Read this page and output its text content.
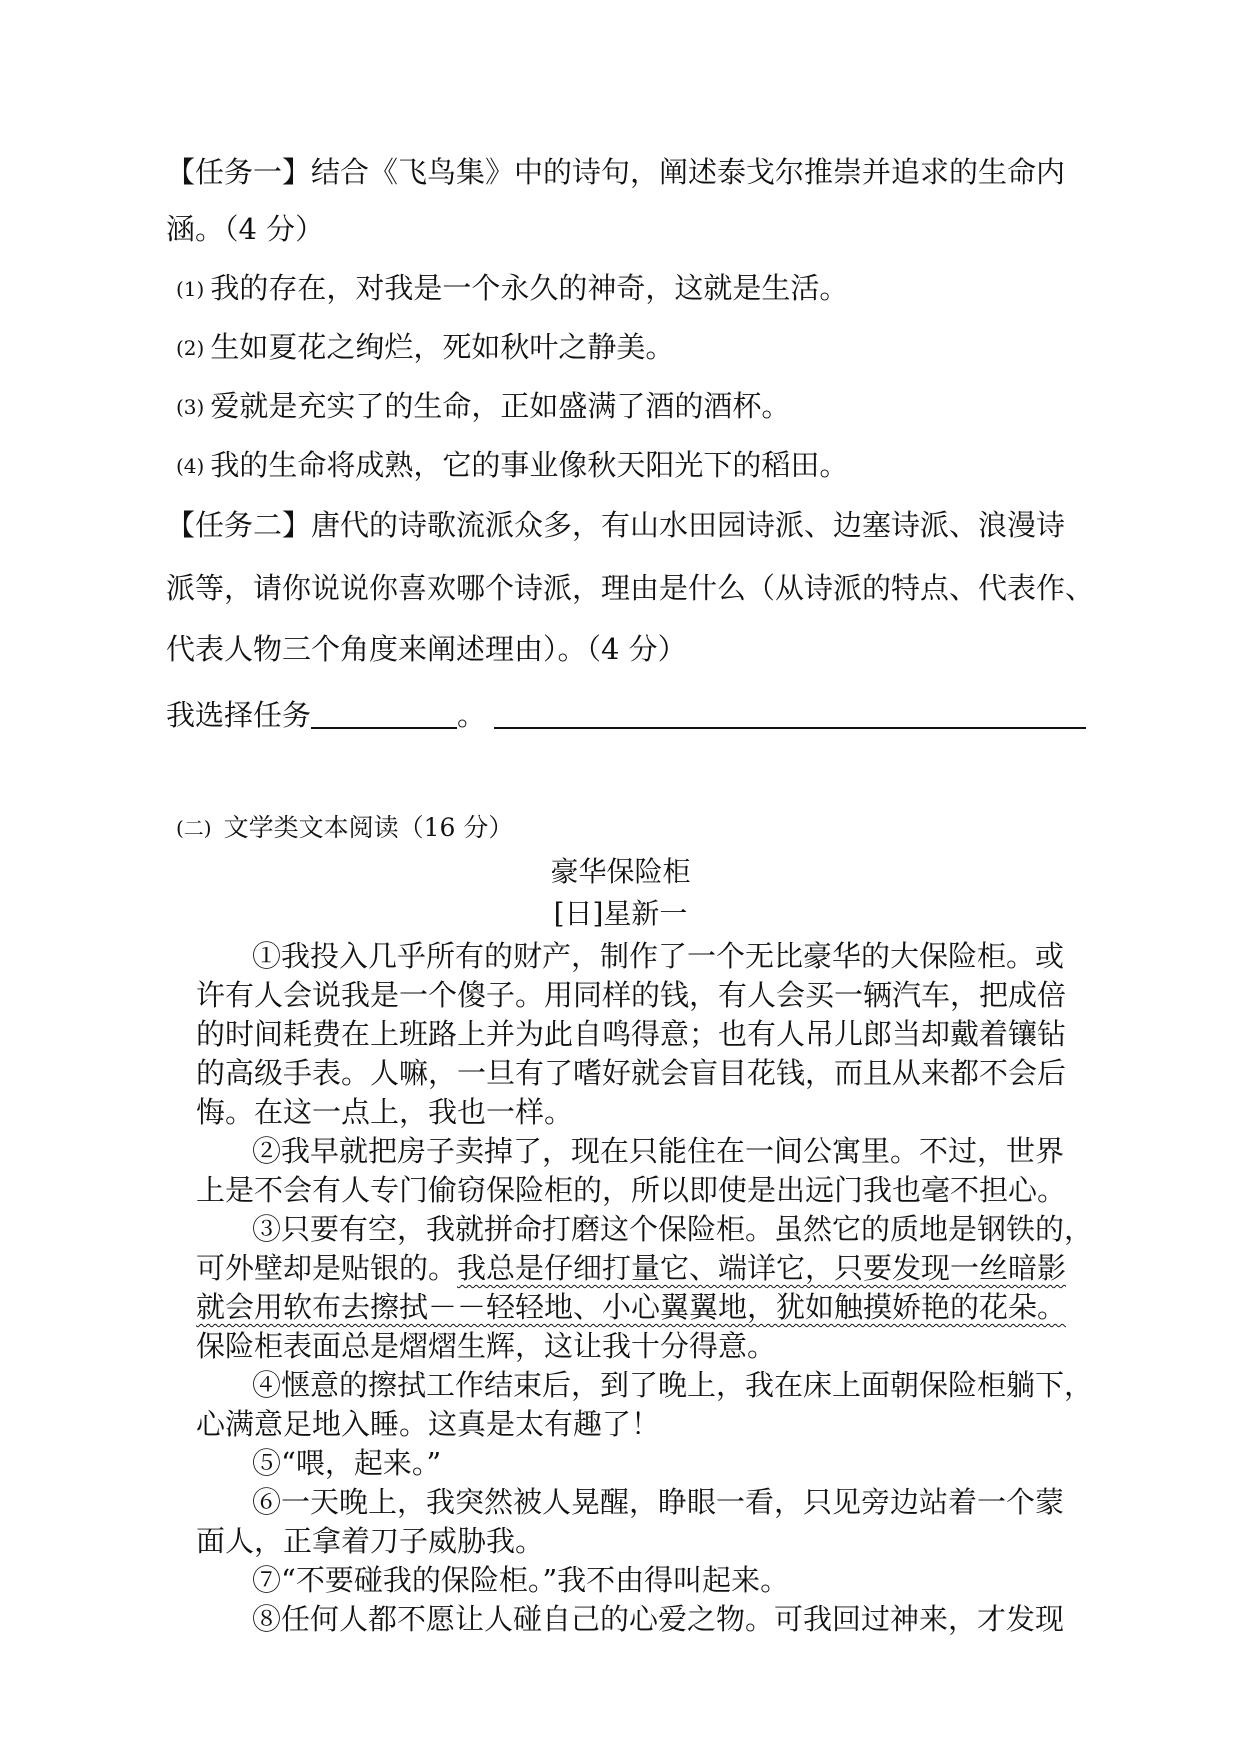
【任务一】结合《飞鸟集》中的诗句，阐述泰戈尔推崇并追求的生命内
涵。（4 分）
(1) 我的存在，对我是一个永久的神奇，这就是生活。
(2) 生如夏花之绚烂，死如秋叶之静美。
(3) 爱就是充实了的生命，正如盛满了酒的酒杯。
(4) 我的生命将成熟，它的事业像秋天阳光下的稻田。
【任务二】唐代的诗歌流派众多，有山水田园诗派、边塞诗派、浪漫诗
派等，请你说说你喜欢哪个诗派，理由是什么（从诗派的特点、代表作、
代表人物三个角度来阐述理由）。（4 分）
我选择任务	。
(二) 文学类文本阅读（16 分）
豪华保险柜
[日]星新一
①我投入几乎所有的财产，制作了一个无比豪华的大保险柜。或
许有人会说我是一个傻子。用同样的钱，有人会买一辆汽车，把成倍
的时间耗费在上班路上并为此自鸣得意；也有人吊儿郎当却戴着镶钻
的高级手表。人嘛，一旦有了嗜好就会盲目花钱，而且从来都不会后
悔。在这一点上，我也一样。
②我早就把房子卖掉了，现在只能住在一间公寓里。不过，世界
上是不会有人专门偷窃保险柜的，所以即使是出远门我也毫不担心。
③只要有空，我就拼命打磨这个保险柜。虽然它的质地是钢铁的，
可外壁却是贴银的。我总是仔细打量它、端详它，只要发现一丝暗影
就会用软布去擦拭－－轻轻地、小心翼翼地，犹如触摸娇艳的花朵。
保险柜表面总是熠熠生辉，这让我十分得意。
④惬意的擦拭工作结束后，到了晚上，我在床上面朝保险柜躺下，
心满意足地入睡。这真是太有趣了！
⑤“喂，起来。”
⑥一天晚上，我突然被人晃醒，睁眼一看，只见旁边站着一个蒙
面人，正拿着刀子威胁我。
⑦“不要碰我的保险柜。”我不由得叫起来。
⑧任何人都不愿让人碰自己的心爱之物。可我回过神来，才发现
